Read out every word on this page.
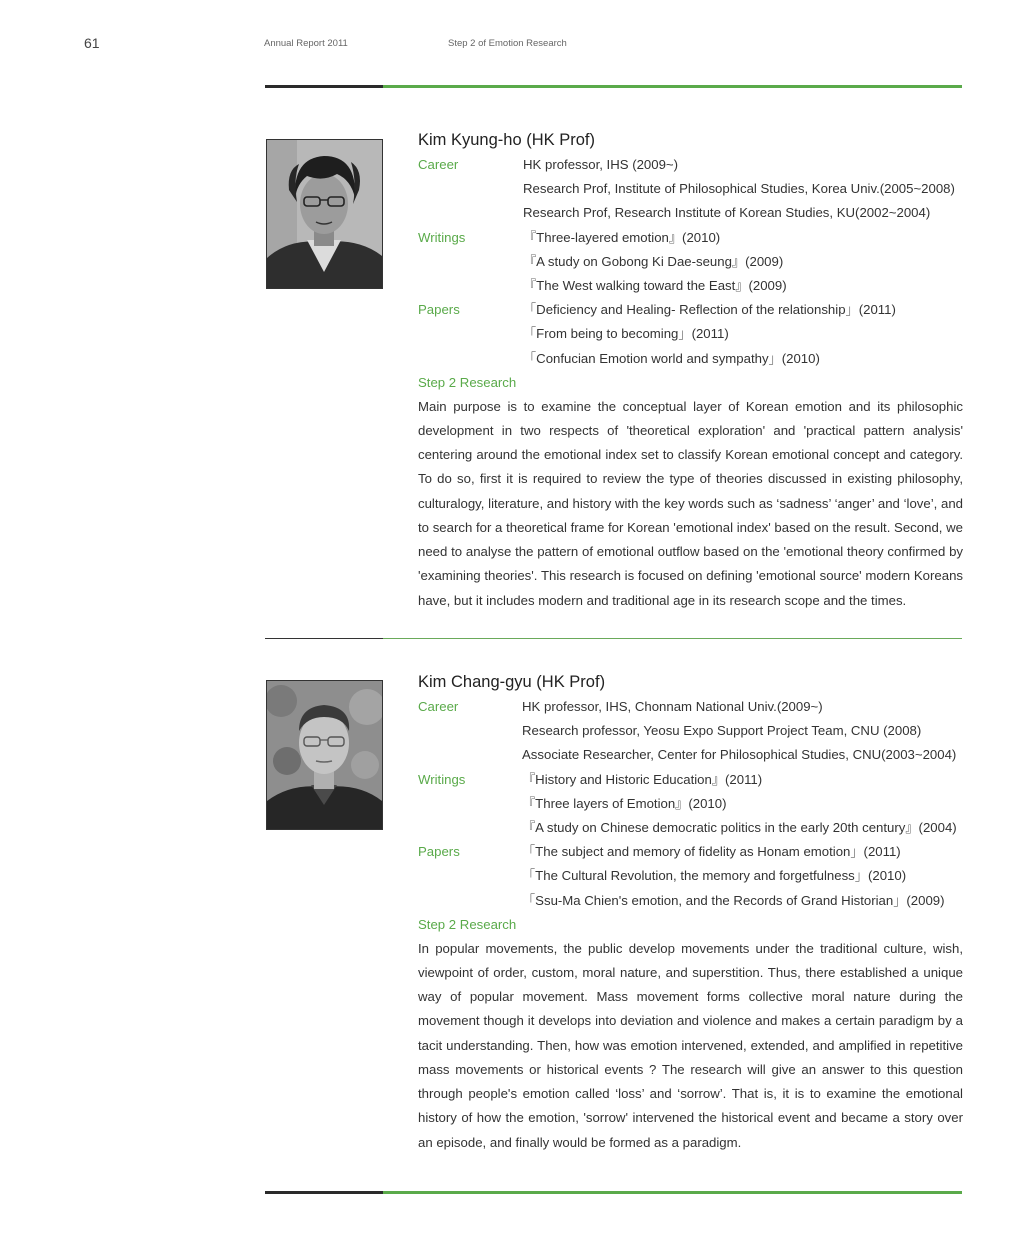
61	Annual Report 2011	Step 2 of Emotion Research
Kim Kyung-ho (HK Prof)
Career	HK professor, IHS (2009~)
Research Prof, Institute of Philosophical Studies, Korea Univ.(2005~2008)
Research Prof, Research Institute of Korean Studies, KU(2002~2004)
Writings	『Three-layered emotion』(2010)
『A study on Gobong Ki Dae-seung』(2009)
『The West walking toward the East』(2009)
Papers	「Deficiency and Healing- Reflection of the relationship」(2011)
「From being to becoming」(2011)
「Confucian Emotion world and sympathy」(2010)
Step 2 Research

Main purpose is to examine the conceptual layer of Korean emotion and its philosophic development in two respects of 'theoretical exploration' and 'practical pattern analysis' centering around the emotional index set to classify Korean emotional concept and category. To do so, first it is required to review the type of theories discussed in existing philosophy, culturalogy, literature, and history with the key words such as ‘sadness’ ‘anger’ and ‘love’, and to search for a theoretical frame for Korean 'emotional index' based on the result. Second, we need to analyse the pattern of emotional outflow based on the 'emotional theory confirmed by 'examining theories'. This research is focused on defining 'emotional source' modern Koreans have, but it includes modern and traditional age in its research scope and the times.

Kim Chang-gyu (HK Prof)
Career	HK professor, IHS, Chonnam National Univ.(2009~)
Research professor, Yeosu Expo Support Project Team, CNU (2008)
Associate Researcher, Center for Philosophical Studies, CNU(2003~2004)
Writings	『History and Historic Education』(2011)
『Three layers of Emotion』(2010)
『A study on Chinese democratic politics in the early 20th century』(2004)
Papers	「The subject and memory of fidelity as Honam emotion」(2011)
「The Cultural Revolution, the memory and forgetfulness」(2010)
「Ssu-Ma Chien's emotion, and the Records of Grand Historian」(2009)
Step 2 Research

In popular movements, the public develop movements under the traditional culture, wish, viewpoint of order, custom, moral nature, and superstition. Thus, there established a unique way of popular movement. Mass movement forms collective moral nature during the movement though it develops into deviation and violence and makes a certain paradigm by a tacit understanding. Then, how was emotion intervened, extended, and amplified in repetitive mass movements or historical events ? The research will give an answer to this question through people's emotion called ‘loss’ and ‘sorrow’. That is, it is to examine the emotional history of how the emotion, 'sorrow' intervened the historical event and became a story over an episode, and finally would be formed as a paradigm.
